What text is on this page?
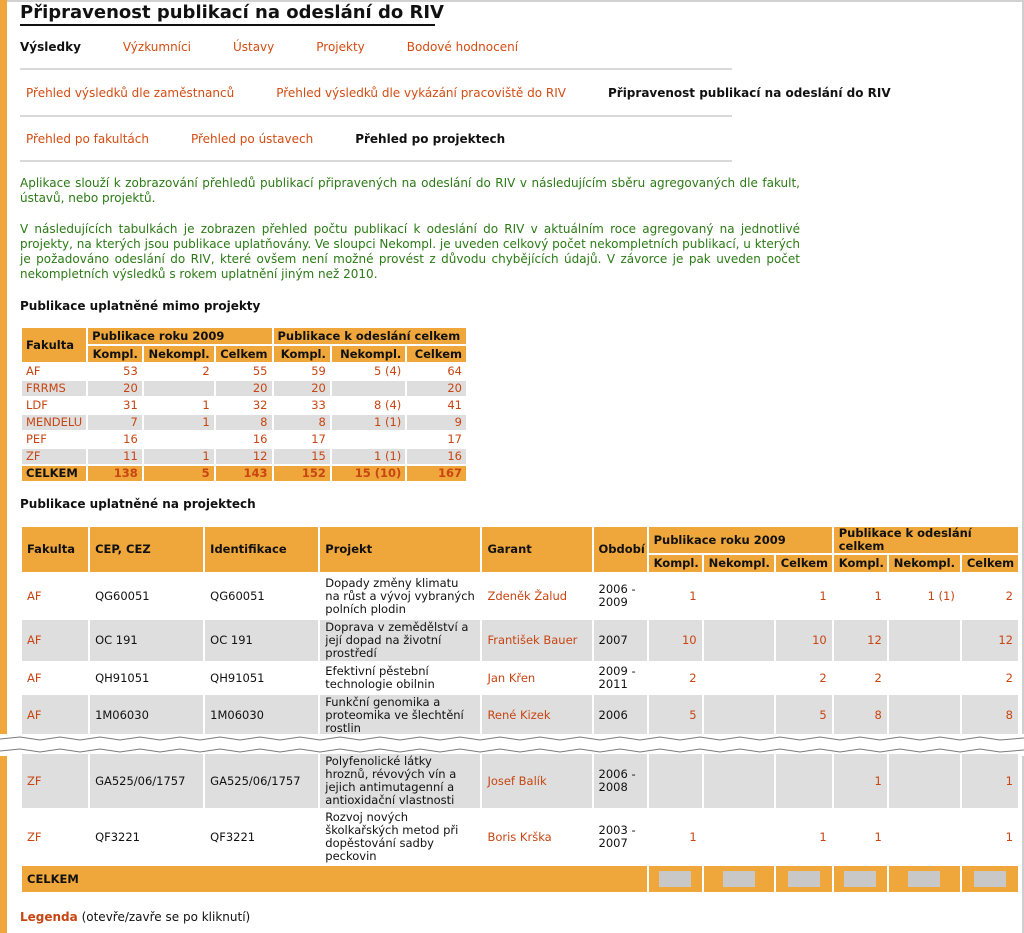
Připravenost publikací na odeslání do RIV
Výsledky	Výzkumníci	Ústavy	Projekty	Bodové hodnocení
Přehled výsledků dle zaměstnanců	Přehled výsledků dle vykázání pracoviště do RIV	Připravenost publikací na odeslání do RIV
Přehled po fakultách	Přehled po ústavech	Přehled po projektech
Aplikace slouží k zobrazování přehledů publikací připravených na odeslání do RIV v následujícím sběru agregovaných dle fakult, ústavů, nebo projektů.
V následujících tabulkách je zobrazen přehled počtu publikací k odeslání do RIV v aktuálním roce agregovaný na jednotlivé projekty, na kterých jsou publikace uplatňovány. Ve sloupci Nekompl. je uveden celkový počet nekompletních publikací, u kterých je požadováno odeslání do RIV, které ovšem není možné provést z důvodu chybějících údajů. V závorce je pak uveden počet nekompletních výsledků s rokem uplatnění jiným než 2010.
Publikace uplatněné mimo projekty
Fakulta	Publikace roku 2009			Publikace k odeslání celkem		
	Kompl.	Nekompl.	Celkem	Kompl.	Nekompl.	Celkem
AF	53	2	55	59	5 (4)	64
FRRMS	20		20	20		20
LDF	31	1	32	33	8 (4)	41
MENDELU	7	1	8	8	1 (1)	9
PEF	16		16	17		17
ZF	11	1	12	15	1 (1)	16
CELKEM	138	5	143	152	15 (10)	167
Publikace uplatněné na projektech
Fakulta	CEP, CEZ	Identifikace	Projekt	Garant	Období	Publikace roku 2009			Publikace k odeslání celkem		
						Kompl.	Nekompl.	Celkem	Kompl.	Nekompl.	Celkem
AF	QG60051	QG60051	Dopady změny klimatu na růst a vývoj vybraných polních plodin	Zdeněk Žalud	2006 - 2009	1		1	1	1 (1)	2
AF	OC 191	OC 191	Doprava v zemědělství a její dopad na životní prostředí	František Bauer	2007	10		10	12		12
AF	QH91051	QH91051	Efektivní pěstební technologie obilnin	Jan Křen	2009 - 2011	2		2	2		2
AF	1M06030	1M06030	Funkční genomika a proteomika ve šlechtění rostlin	René Kizek	2006	5		5	8		8
ZF	GA525/06/1757	GA525/06/1757	Polyfenolické látky hroznů, révových vín a jejich antimutagenní a antioxidační vlastnosti	Josef Balík	2006 - 2008				1		1
ZF	QF3221	QF3221	Rozvoj nových školkařských metod při dopěstování sadby peckovin	Boris Krška	2003 - 2007	1		1	1		1
CELKEM											
Legenda (otevře/zavře se po kliknutí)
